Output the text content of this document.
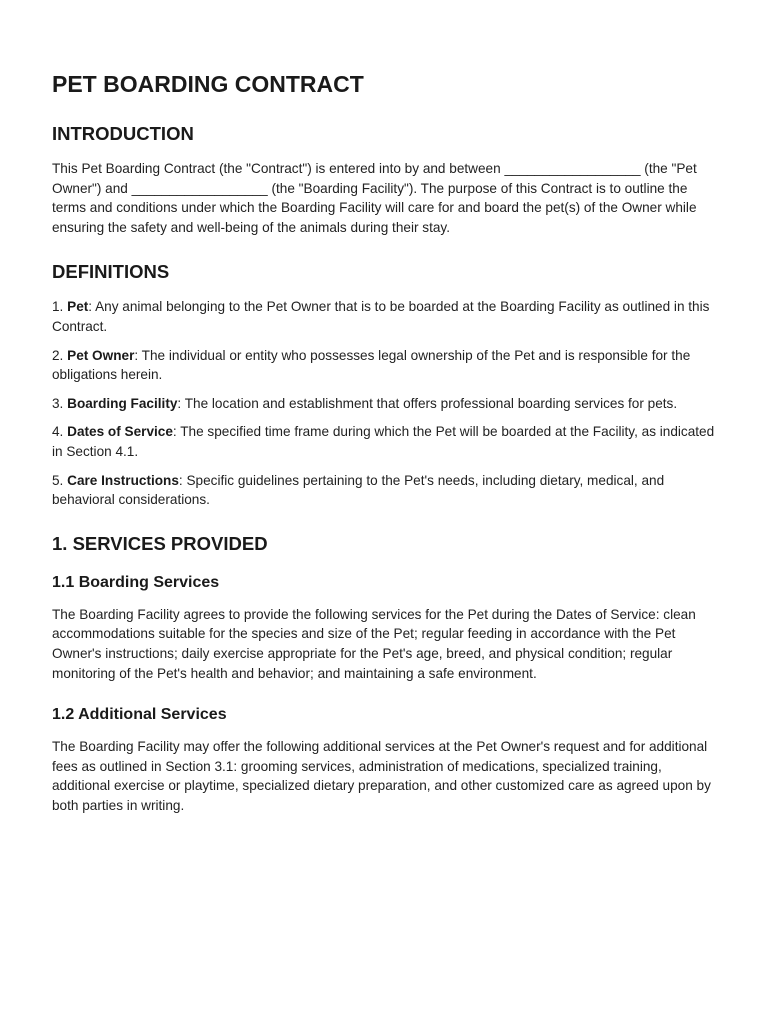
PET BOARDING CONTRACT
INTRODUCTION

This Pet Boarding Contract (the "Contract") is entered into by and between __________________ (the "Pet Owner") and __________________ (the "Boarding Facility"). The purpose of this Contract is to outline the terms and conditions under which the Boarding Facility will care for and board the pet(s) of the Owner while ensuring the safety and well-being of the animals during their stay.

DEFINITIONS

1. Pet: Any animal belonging to the Pet Owner that is to be boarded at the Boarding Facility as outlined in this Contract.

2. Pet Owner: The individual or entity who possesses legal ownership of the Pet and is responsible for the obligations herein.

3. Boarding Facility: The location and establishment that offers professional boarding services for pets.

4. Dates of Service: The specified time frame during which the Pet will be boarded at the Facility, as indicated in Section 4.1.

5. Care Instructions: Specific guidelines pertaining to the Pet's needs, including dietary, medical, and behavioral considerations.

1. SERVICES PROVIDED
1.1 Boarding Services

The Boarding Facility agrees to provide the following services for the Pet during the Dates of Service: clean accommodations suitable for the species and size of the Pet; regular feeding in accordance with the Pet Owner's instructions; daily exercise appropriate for the Pet's age, breed, and physical condition; regular monitoring of the Pet's health and behavior; and maintaining a safe environment.

1.2 Additional Services

The Boarding Facility may offer the following additional services at the Pet Owner's request and for additional fees as outlined in Section 3.1: grooming services, administration of medications, specialized training, additional exercise or playtime, specialized dietary preparation, and other customized care as agreed upon by both parties in writing.
